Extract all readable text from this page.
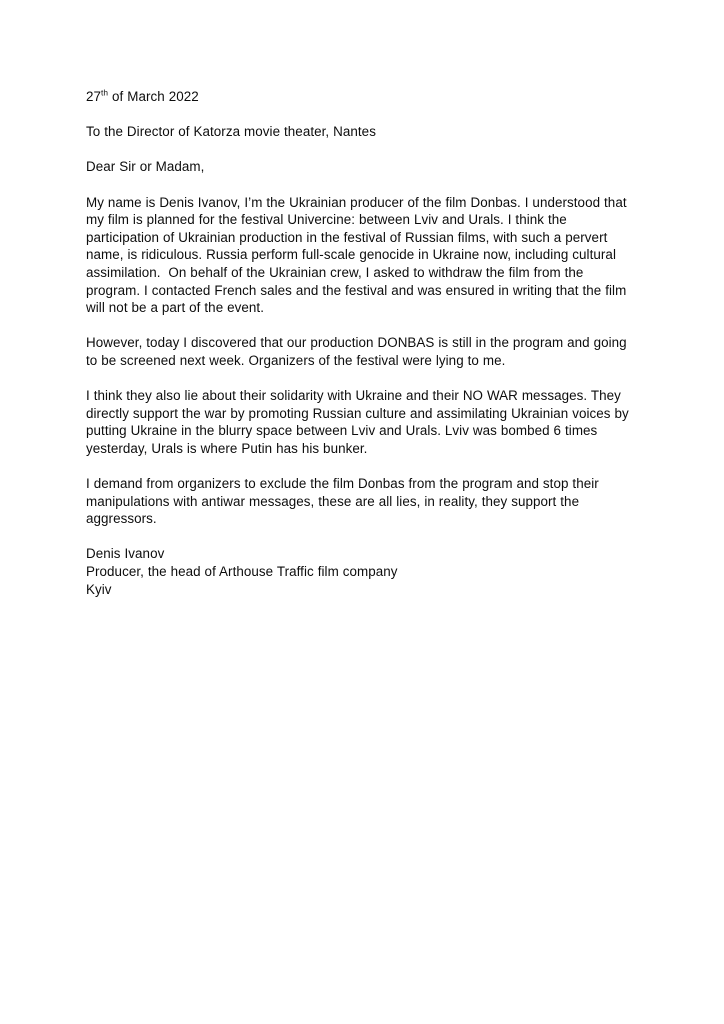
27th of March 2022

To the Director of Katorza movie theater, Nantes

Dear Sir or Madam,

My name is Denis Ivanov, I’m the Ukrainian producer of the film Donbas. I understood that my film is planned for the festival Univercine: between Lviv and Urals. I think the participation of Ukrainian production in the festival of Russian films, with such a pervert name, is ridiculous. Russia perform full-scale genocide in Ukraine now, including cultural assimilation.  On behalf of the Ukrainian crew, I asked to withdraw the film from the program. I contacted French sales and the festival and was ensured in writing that the film will not be a part of the event.

However, today I discovered that our production DONBAS is still in the program and going to be screened next week. Organizers of the festival were lying to me.

I think they also lie about their solidarity with Ukraine and their NO WAR messages. They directly support the war by promoting Russian culture and assimilating Ukrainian voices by putting Ukraine in the blurry space between Lviv and Urals. Lviv was bombed 6 times yesterday, Urals is where Putin has his bunker.

I demand from organizers to exclude the film Donbas from the program and stop their manipulations with antiwar messages, these are all lies, in reality, they support the aggressors.

Denis Ivanov
Producer, the head of Arthouse Traffic film company
Kyiv
